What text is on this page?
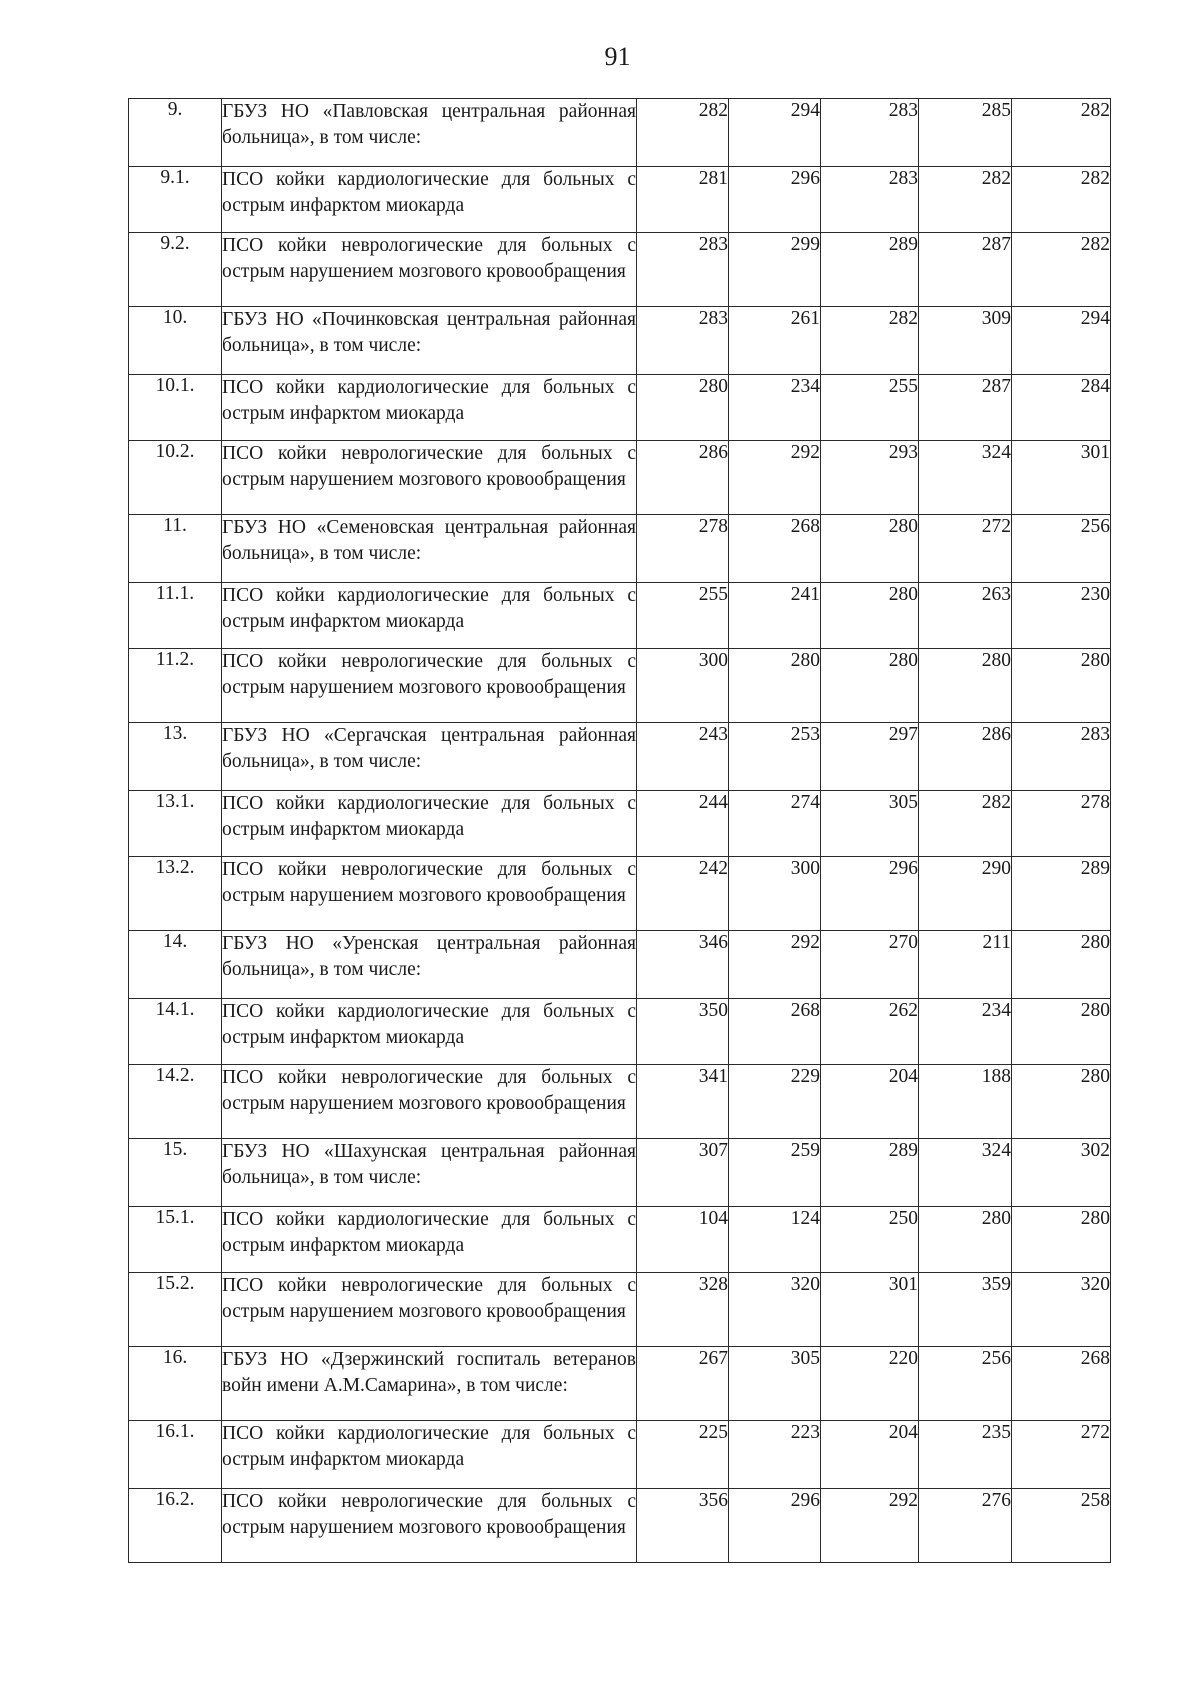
91
9.	ГБУЗ НО «Павловская центральная районная больница», в том числе:	282	294	283	285	282
9.1.	ПСО койки кардиологические для больных с острым инфарктом миокарда	281	296	283	282	282
9.2.	ПСО койки неврологические для больных с острым нарушением мозгового кровообращения	283	299	289	287	282
10.	ГБУЗ НО «Починковская центральная районная больница», в том числе:	283	261	282	309	294
10.1.	ПСО койки кардиологические для больных с острым инфарктом миокарда	280	234	255	287	284
10.2.	ПСО койки неврологические для больных с острым нарушением мозгового кровообращения	286	292	293	324	301
11.	ГБУЗ НО «Семеновская центральная районная больница», в том числе:	278	268	280	272	256
11.1.	ПСО койки кардиологические для больных с острым инфарктом миокарда	255	241	280	263	230
11.2.	ПСО койки неврологические для больных с острым нарушением мозгового кровообращения	300	280	280	280	280
13.	ГБУЗ НО «Сергачская центральная районная больница», в том числе:	243	253	297	286	283
13.1.	ПСО койки кардиологические для больных с острым инфарктом миокарда	244	274	305	282	278
13.2.	ПСО койки неврологические для больных с острым нарушением мозгового кровообращения	242	300	296	290	289
14.	ГБУЗ НО «Уренская центральная районная больница», в том числе:	346	292	270	211	280
14.1.	ПСО койки кардиологические для больных с острым инфарктом миокарда	350	268	262	234	280
14.2.	ПСО койки неврологические для больных с острым нарушением мозгового кровообращения	341	229	204	188	280
15.	ГБУЗ НО «Шахунская центральная районная больница», в том числе:	307	259	289	324	302
15.1.	ПСО койки кардиологические для больных с острым инфарктом миокарда	104	124	250	280	280
15.2.	ПСО койки неврологические для больных с острым нарушением мозгового кровообращения	328	320	301	359	320
16.	ГБУЗ НО «Дзержинский госпиталь ветеранов войн имени А.М.Самарина», в том числе:	267	305	220	256	268
16.1.	ПСО койки кардиологические для больных с острым инфарктом миокарда	225	223	204	235	272
16.2.	ПСО койки неврологические для больных с острым нарушением мозгового кровообращения	356	296	292	276	258
